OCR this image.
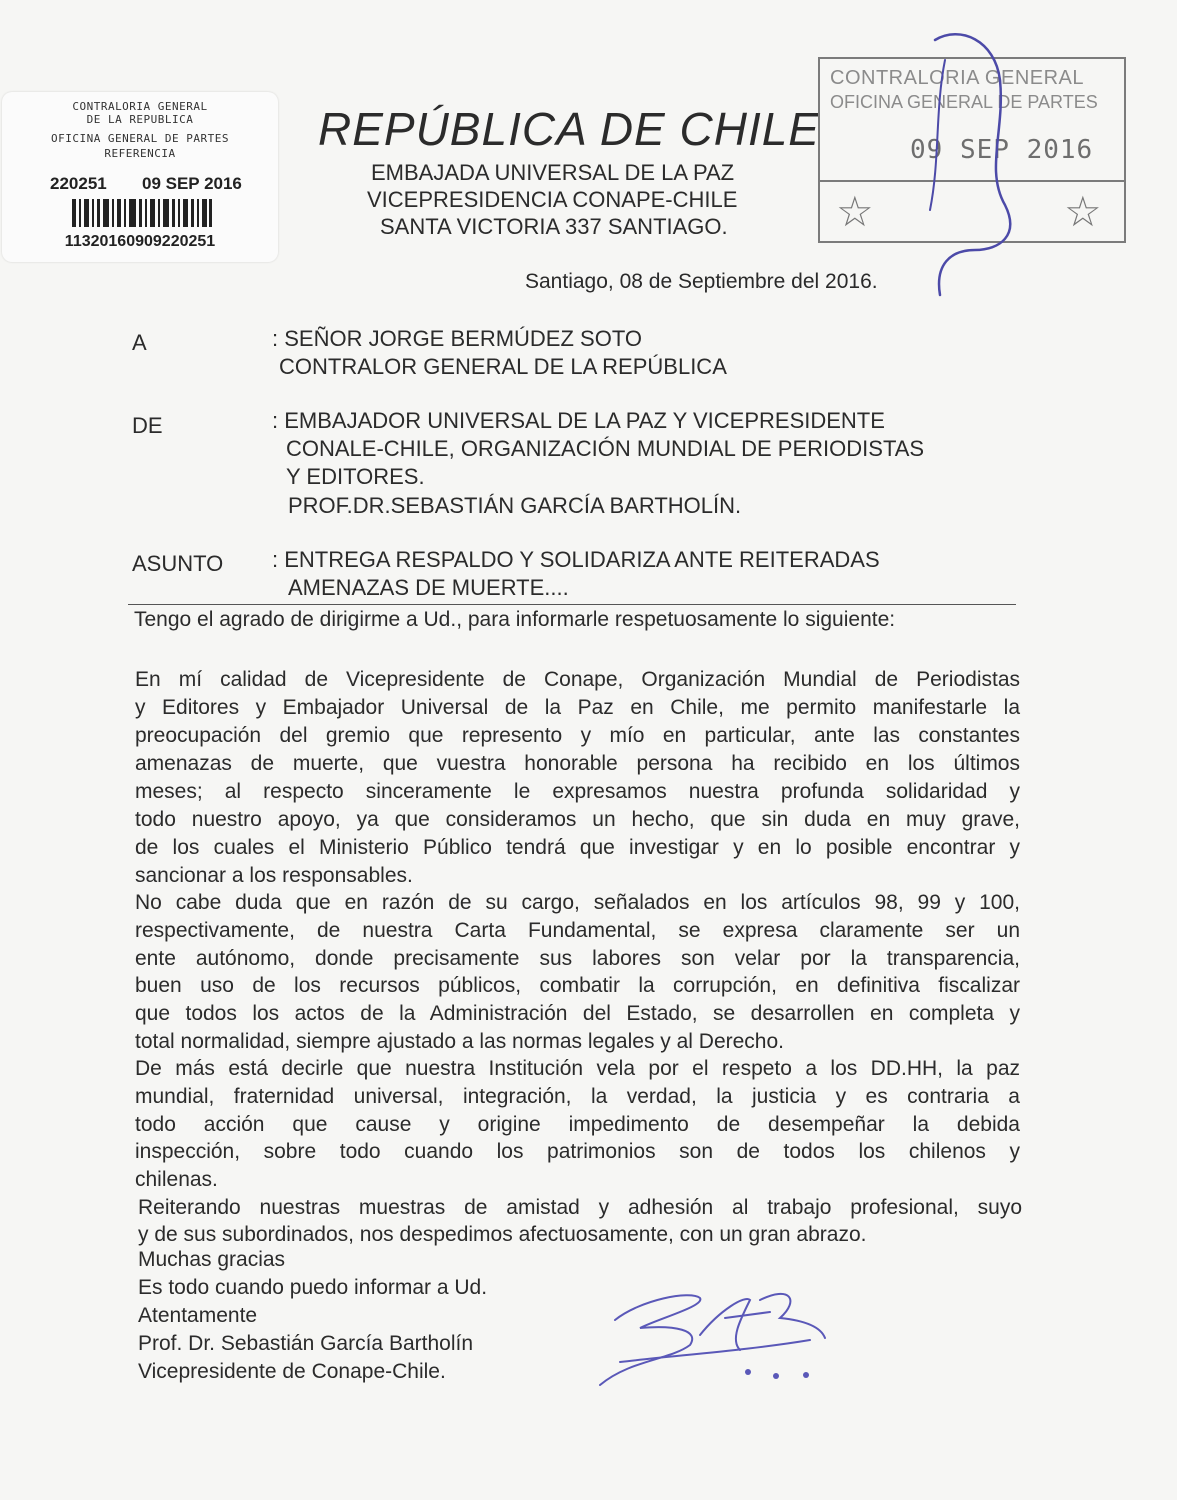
CONTRALORIA GENERAL
DE LA REPUBLICA
OFICINA GENERAL DE PARTES
REFERENCIA
220251 09 SEP 2016
11320160909220251
REPÚBLICA DE CHILE
EMBAJADA UNIVERSAL DE LA PAZ
VICEPRESIDENCIA CONAPE-CHILE
SANTA VICTORIA 337 SANTIAGO.
CONTRALORIA GENERAL
OFICINA GENERAL DE PARTES
09 SEP 2016
☆	☆
Santiago, 08 de Septiembre del 2016.
A	: SEÑOR JORGE BERMÚDEZ SOTO
CONTRALOR GENERAL DE LA REPÚBLICA
DE	: EMBAJADOR UNIVERSAL DE LA PAZ Y VICEPRESIDENTE
CONALE-CHILE, ORGANIZACIÓN MUNDIAL DE PERIODISTAS
Y EDITORES.
PROF.DR.SEBASTIÁN GARCÍA BARTHOLÍN.
ASUNTO : ENTREGA RESPALDO Y SOLIDARIZA ANTE REITERADAS
AMENAZAS DE MUERTE....
Tengo el agrado de dirigirme a Ud., para informarle respetuosamente lo siguiente:
En mí calidad de Vicepresidente de Conape, Organización Mundial de Periodistas
y Editores y Embajador Universal de la Paz en Chile, me permito manifestarle la
preocupación del gremio que represento y mío en particular, ante las constantes
amenazas de muerte, que vuestra honorable persona ha recibido en los últimos
meses; al respecto sinceramente le expresamos nuestra profunda solidaridad y
todo nuestro apoyo, ya que consideramos un hecho, que sin duda en muy grave,
de los cuales el Ministerio Público tendrá que investigar y en lo posible encontrar y
sancionar a los responsables.
No cabe duda que en razón de su cargo, señalados en los artículos 98, 99 y 100,
respectivamente, de nuestra Carta Fundamental, se expresa claramente ser un
ente autónomo, donde precisamente sus labores son velar por la transparencia,
buen uso de los recursos públicos, combatir la corrupción, en definitiva fiscalizar
que todos los actos de la Administración del Estado, se desarrollen en completa y
total normalidad, siempre ajustado a las normas legales y al Derecho.
De más está decirle que nuestra Institución vela por el respeto a los DD.HH, la paz
mundial, fraternidad universal, integración, la verdad, la justicia y es contraria a
todo acción que cause y origine impedimento de desempeñar la debida
inspección, sobre todo cuando los patrimonios son de todos los chilenos y
chilenas.
Reiterando nuestras muestras de amistad y adhesión al trabajo profesional, suyo
y de sus subordinados, nos despedimos afectuosamente, con un gran abrazo.
Muchas gracias
Es todo cuando puedo informar a Ud.
Atentamente
Prof. Dr. Sebastián García Bartholín
Vicepresidente de Conape-Chile.
